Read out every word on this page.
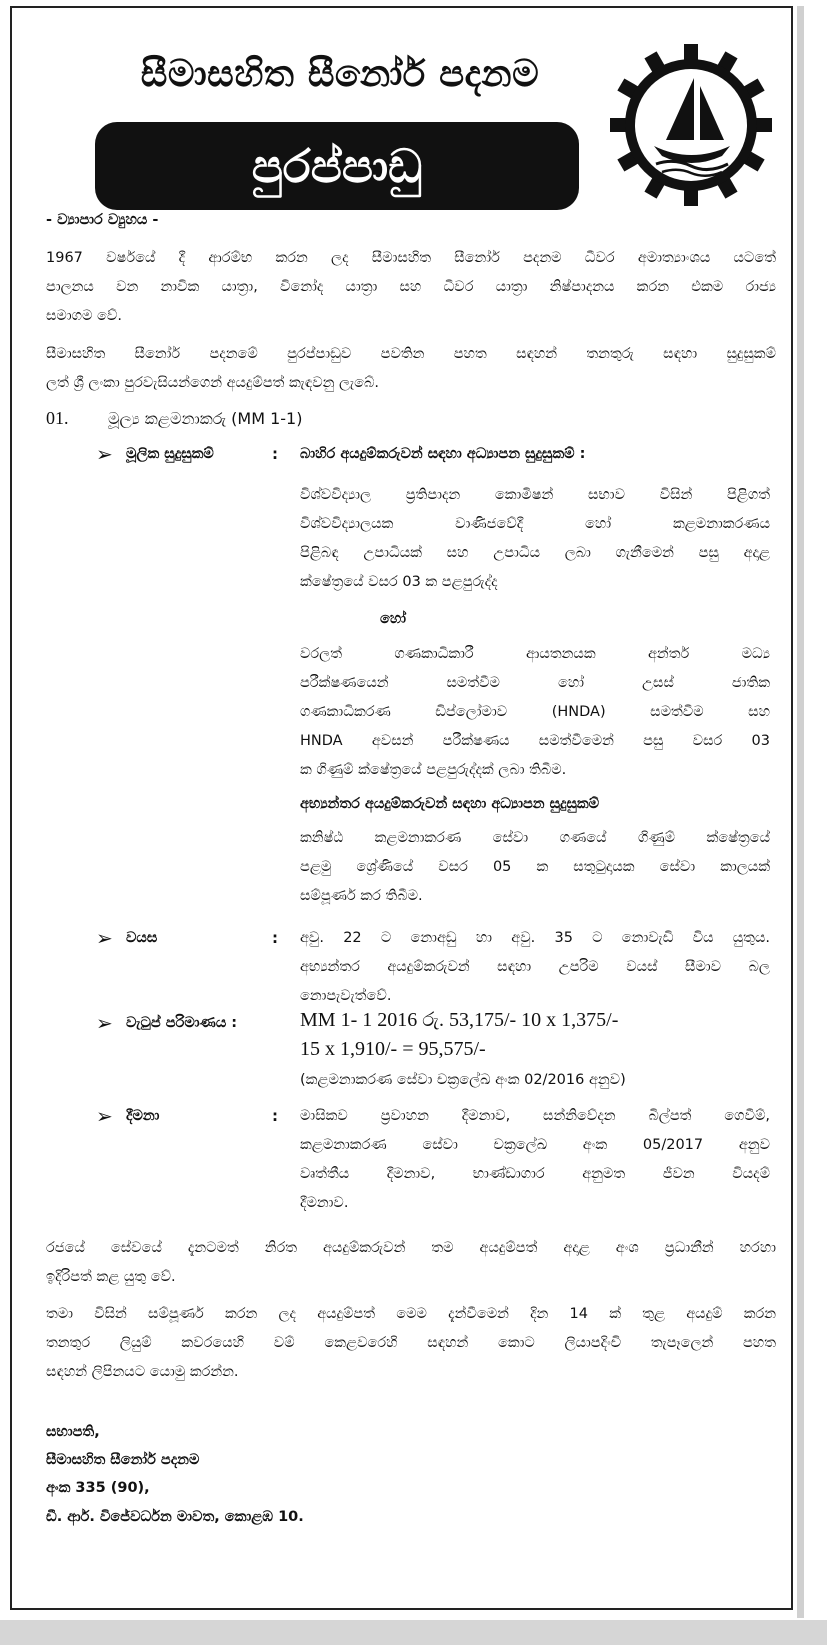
සීමාසහිත සීනෝර් පදනම
පුරප්පාඩු
- ව්‍යාපාර ව්‍යුහය -
1967 වර්ෂයේ දී ආරම්භ කරන ලද සීමාසහිත සීනෝර් පදනම ධීවර අමාත්‍යාංශය යටතේ
පාලනය වන නාවික යාත්‍රා, විනෝද යාත්‍රා සහ ධීවර යාත්‍රා නිෂ්පාදනය කරන එකම රාජ්‍ය
සමාගම වේ.
සීමාසහිත සීනෝර් පදනමේ පුරප්පාඩුව පවතින පහත සඳහන් තනතුරු සඳහා සුදුසුකම්
ලත් ශ්‍රී ලංකා පුරවැසියන්ගෙන් අයදුම්පත් කැඳවනු ලැබේ.
01. මූල්‍ය කළමනාකරු (MM 1-1)
➢ මූලික සුදුසුකම්	: බාහිර අයදුම්කරුවන් සඳහා අධ්‍යාපන සුදුසුකම් :
විශ්වවිද්‍යාල ප්‍රතිපාදන කොමිෂන් සභාව විසින් පිළිගත්
විශ්වවිද්‍යාලයක වාණිජවේදී හෝ කළමනාකරණය
පිළිබඳ උපාධියක් සහ උපාධිය ලබා ගැනීමෙන් පසු අදාළ
ක්ෂේත්‍රයේ වසර 03 ක පළපුරුද්ද
හෝ
වරලත් ගණකාධිකාරී ආයතනයක අන්තර් මධ්‍ය
පරීක්ෂණයෙන් සමත්වීම හෝ උසස් ජාතික
ගණකාධිකරණ ඩිප්ලෝමාව (HNDA) සමත්වීම සහ
HNDA අවසන් පරීක්ෂණය සමත්වීමෙන් පසු වසර 03
ක ගිණුම් ක්ෂේත්‍රයේ පළපුරුද්දක් ලබා තිබීම.
අභ්‍යන්තර අයදුම්කරුවන් සඳහා අධ්‍යාපන සුදුසුකම්
කනිෂ්ඨ කළමනාකරණ සේවා ගණයේ ගිණුම් ක්ෂේත්‍රයේ
පළමු ශ්‍රේණියේ වසර 05 ක සතුටුදායක සේවා කාලයක්
සම්පූර්ණ කර තිබීම.
➢ වයස	: අවු. 22 ට නොඅඩු හා අවු. 35 ට නොවැඩි විය යුතුය.
අභ්‍යන්තර අයදුම්කරුවන් සඳහා උපරිම වයස් සීමාව බල
නොපැවැත්වේ.
➢ වැටුප් පරිමාණය :	MM 1- 1 2016 රු. 53,175/- 10 x 1,375/-
15 x 1,910/- = 95,575/-
(කළමනාකරණ සේවා චක්‍රලේඛ අංක 02/2016 අනුව)
➢ දීමනා	: මාසිකව ප්‍රවාහන දීමනාව, සන්නිවේදන බිල්පත් ගෙවීම්,
කළමනාකරණ සේවා චක්‍රලේඛ අංක 05/2017 අනුව
වෘත්තීය දීමනාව, භාණ්ඩාගාර අනුමත ජීවන වියදම්
දීමනාව.
රජයේ සේවයේ දැනටමත් නිරත අයදුම්කරුවන් තම අයදුම්පත් අදාළ අංශ ප්‍රධානීන් හරහා
ඉදිරිපත් කළ යුතු වේ.
තමා විසින් සම්පූර්ණ කරන ලද අයදුම්පත් මෙම දැන්වීමෙන් දින 14 ක් තුළ අයදුම් කරන
තනතුර ලියුම් කවරයෙහි වම් කෙළවරෙහි සඳහන් කොට ලියාපදිංචි තැපෑලෙන් පහත
සඳහන් ලිපිනයට යොමු කරන්න.
සභාපති,
සීමාසහිත සීනෝර් පදනම
අංක 335 (90),
ඩී. ආර්. විජේවර්ධන මාවත, කොළඹ 10.
